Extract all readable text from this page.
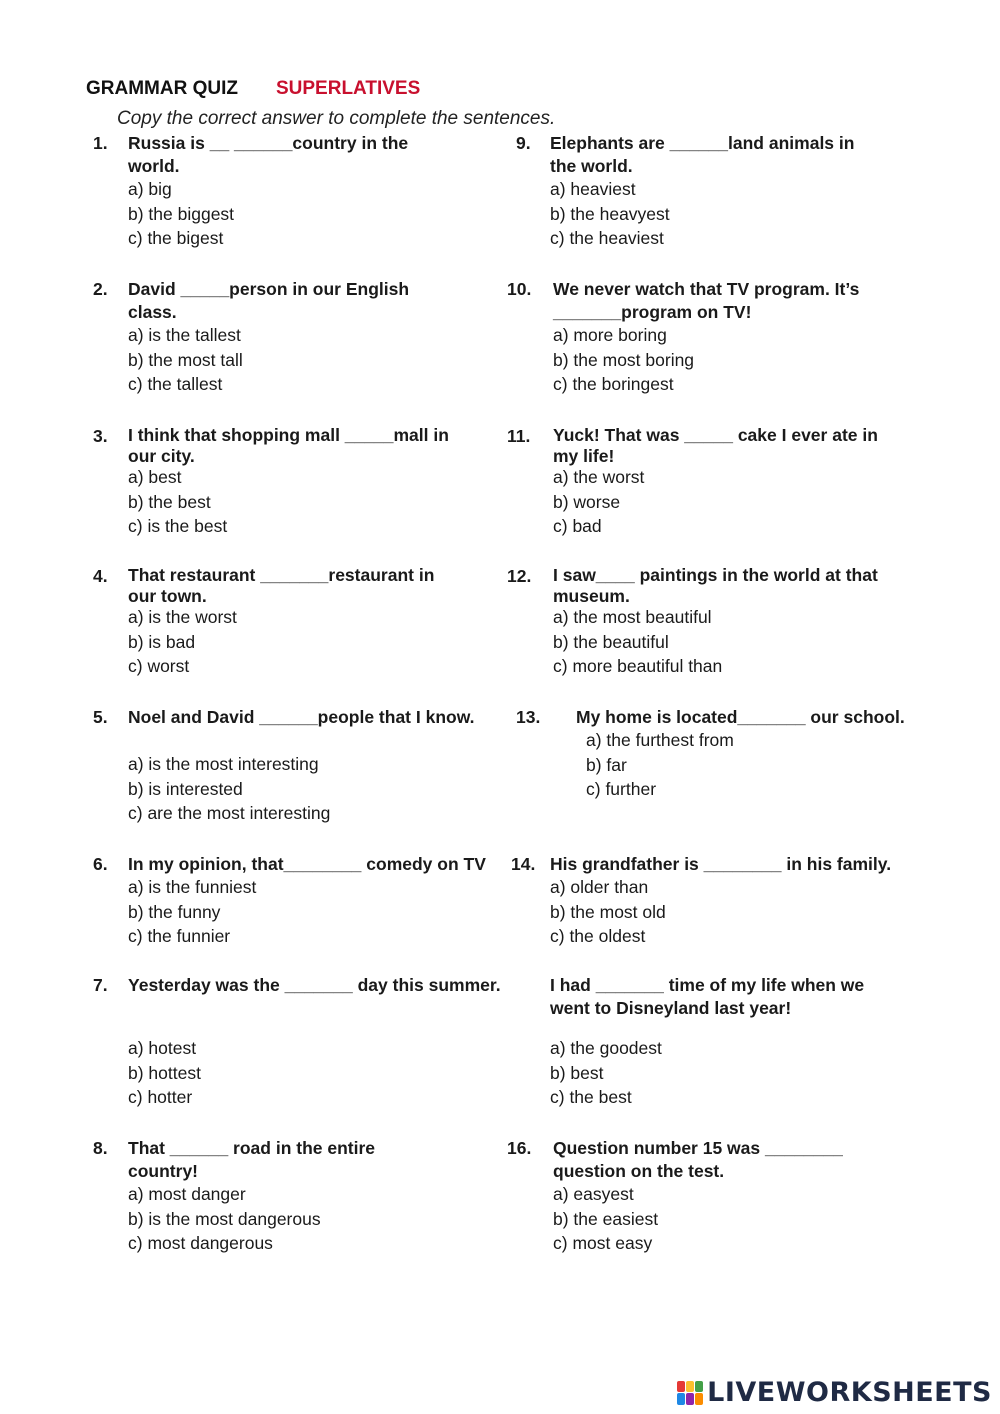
GRAMMAR QUIZ SUPERLATIVES
Copy the correct answer to complete the sentences.
1. Russia is __ ______country in the world.
a) big
b) the biggest
c) the bigest
2. David _____person in our English class.
a) is the tallest
b) the most tall
c) the tallest
3. I think that shopping mall _____mall in our city.
a) best
b) the best
c) is the best
4. That restaurant _______restaurant in our town.
a) is the worst
b) is bad
c) worst
5. Noel and David ______people that I know.
a) is the most interesting
b) is interested
c) are the most interesting
6. In my opinion, that________ comedy on TV
a) is the funniest
b) the funny
c) the funnier
7. Yesterday was the _______ day this summer.
a) hotest
b) hottest
c) hotter
8. That ______ road in the entire country!
a) most danger
b) is the most dangerous
c) most dangerous
9. Elephants are ______land animals in the world.
a) heaviest
b) the heavyest
c) the heaviest
10. We never watch that TV program. It’s _______program on TV!
a) more boring
b) the most boring
c) the boringest
11. Yuck! That was _____ cake I ever ate in my life!
a) the worst
b) worse
c) bad
12. I saw____ paintings in the world at that museum.
a) the most beautiful
b) the beautiful
c) more beautiful than
13. My home is located_______ our school.
a) the furthest from
b) far
c) further
14. His grandfather is ________ in his family.
a) older than
b) the most old
c) the oldest
I had _______ time of my life when we went to Disneyland last year!
a) the goodest
b) best
c) the best
16. Question number 15 was ________ question on the test.
a) easyest
b) the easiest
c) most easy
LIVEWORKSHEETS
